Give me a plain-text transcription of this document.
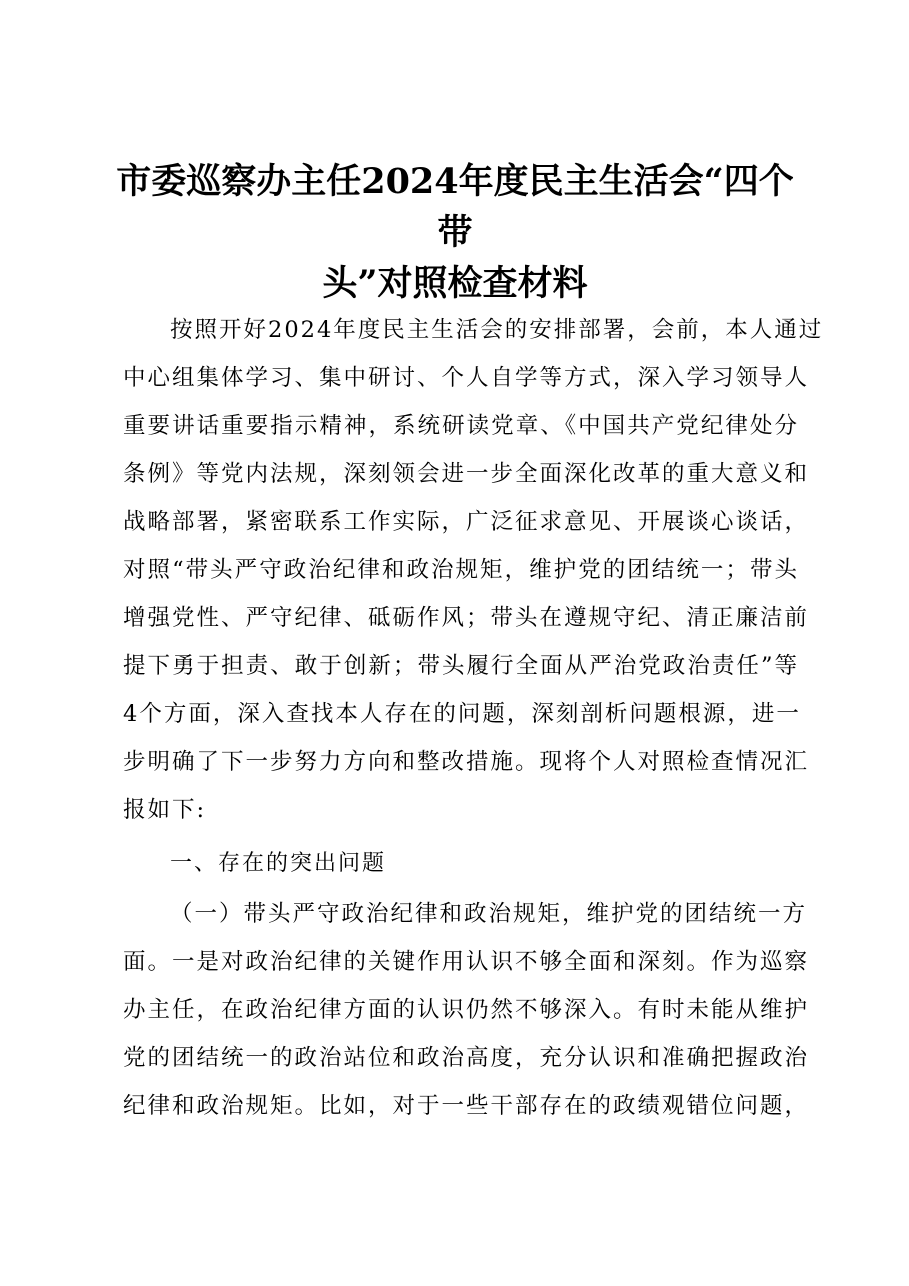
市委巡察办主任2024年度民主生活会“四个带
头”对照检查材料
按照开好2024年度民主生活会的安排部署，会前，本人通过
中心组集体学习、集中研讨、个人自学等方式，深入学习领导人
重要讲话重要指示精神，系统研读党章、《中国共产党纪律处分
条例》等党内法规，深刻领会进一步全面深化改革的重大意义和
战略部署，紧密联系工作实际，广泛征求意见、开展谈心谈话，
对照“带头严守政治纪律和政治规矩，维护党的团结统一；带头
增强党性、严守纪律、砥砺作风；带头在遵规守纪、清正廉洁前
提下勇于担责、敢于创新；带头履行全面从严治党政治责任”等
4个方面，深入查找本人存在的问题，深刻剖析问题根源，进一
步明确了下一步努力方向和整改措施。现将个人对照检查情况汇
报如下:
一、存在的突出问题
（一）带头严守政治纪律和政治规矩，维护党的团结统一方
面。一是对政治纪律的关键作用认识不够全面和深刻。作为巡察
办主任，在政治纪律方面的认识仍然不够深入。有时未能从维护
党的团结统一的政治站位和政治高度，充分认识和准确把握政治
纪律和政治规矩。比如，对于一些干部存在的政绩观错位问题，
